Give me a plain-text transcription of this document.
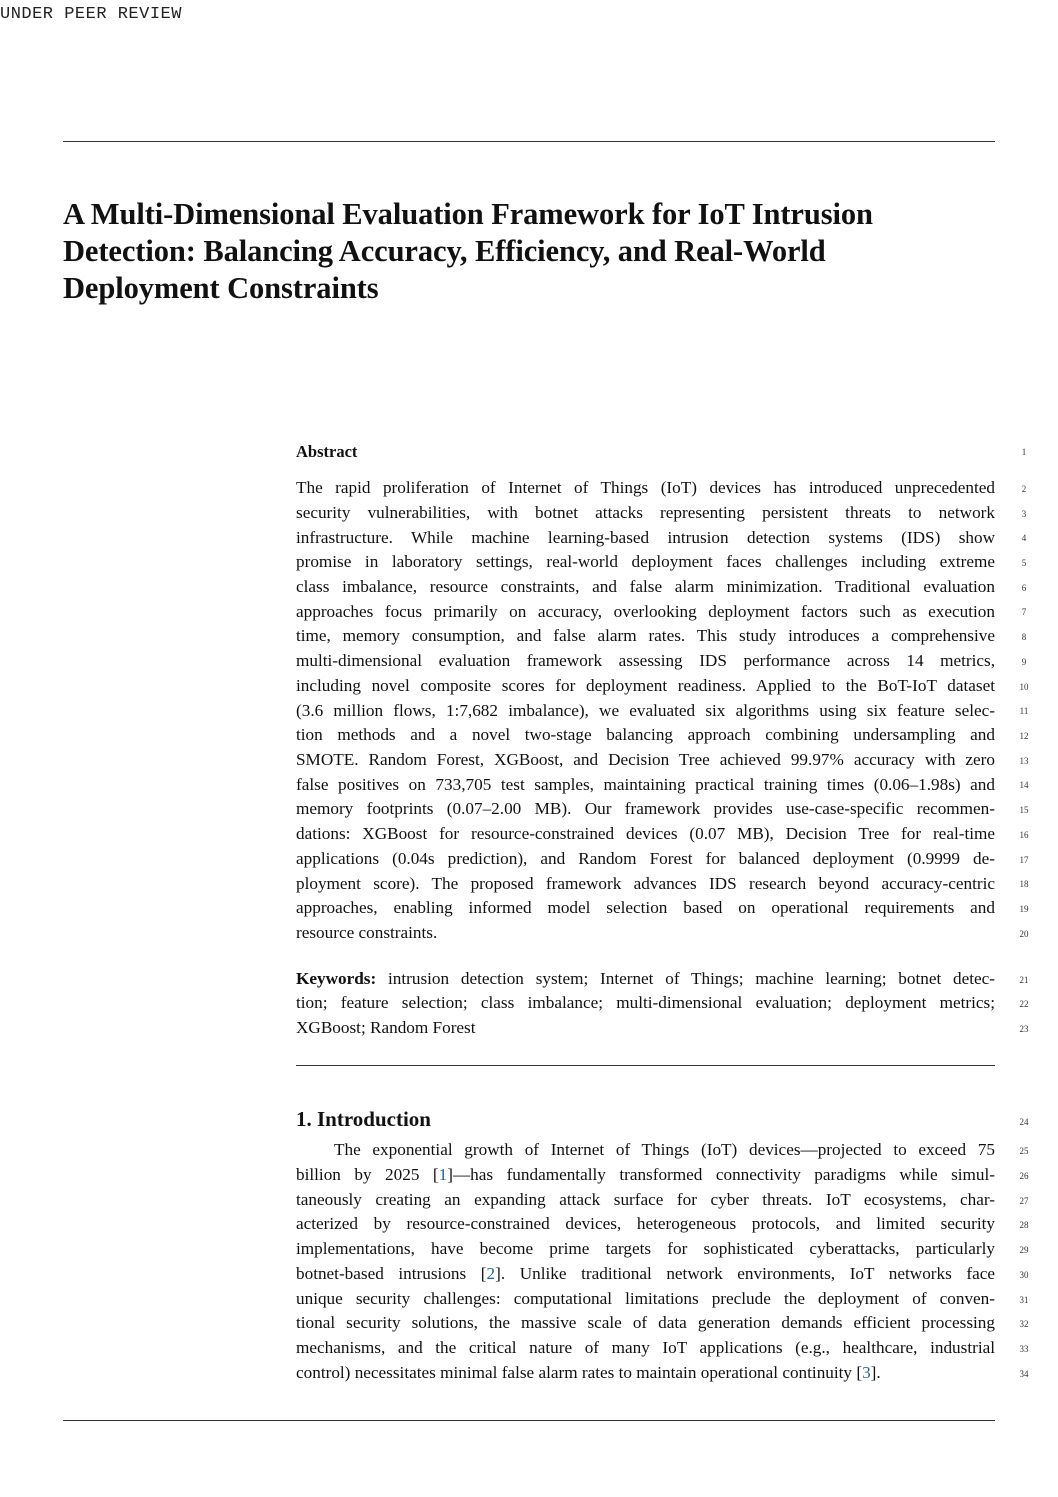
UNDER PEER REVIEW
A Multi-Dimensional Evaluation Framework for IoT Intrusion
Detection: Balancing Accuracy, Efficiency, and Real-World
Deployment Constraints
Abstract
The rapid proliferation of Internet of Things (IoT) devices has introduced unprecedented
security vulnerabilities, with botnet attacks representing persistent threats to network
infrastructure. While machine learning-based intrusion detection systems (IDS) show
promise in laboratory settings, real-world deployment faces challenges including extreme
class imbalance, resource constraints, and false alarm minimization. Traditional evaluation
approaches focus primarily on accuracy, overlooking deployment factors such as execution
time, memory consumption, and false alarm rates. This study introduces a comprehensive
multi-dimensional evaluation framework assessing IDS performance across 14 metrics,
including novel composite scores for deployment readiness. Applied to the BoT-IoT dataset
(3.6 million flows, 1:7,682 imbalance), we evaluated six algorithms using six feature selec-
tion methods and a novel two-stage balancing approach combining undersampling and
SMOTE. Random Forest, XGBoost, and Decision Tree achieved 99.97% accuracy with zero
false positives on 733,705 test samples, maintaining practical training times (0.06–1.98s) and
memory footprints (0.07–2.00 MB). Our framework provides use-case-specific recommen-
dations: XGBoost for resource-constrained devices (0.07 MB), Decision Tree for real-time
applications (0.04s prediction), and Random Forest for balanced deployment (0.9999 de-
ployment score). The proposed framework advances IDS research beyond accuracy-centric
approaches, enabling informed model selection based on operational requirements and
resource constraints.
Keywords: intrusion detection system; Internet of Things; machine learning; botnet detec-
tion; feature selection; class imbalance; multi-dimensional evaluation; deployment metrics;
XGBoost; Random Forest
1. Introduction
The exponential growth of Internet of Things (IoT) devices—projected to exceed 75
billion by 2025 [1]—has fundamentally transformed connectivity paradigms while simul-
taneously creating an expanding attack surface for cyber threats. IoT ecosystems, char-
acterized by resource-constrained devices, heterogeneous protocols, and limited security
implementations, have become prime targets for sophisticated cyberattacks, particularly
botnet-based intrusions [2]. Unlike traditional network environments, IoT networks face
unique security challenges: computational limitations preclude the deployment of conven-
tional security solutions, the massive scale of data generation demands efficient processing
mechanisms, and the critical nature of many IoT applications (e.g., healthcare, industrial
control) necessitates minimal false alarm rates to maintain operational continuity [3].
1
2
3
4
5
6
7
8
9
10
11
12
13
14
15
16
17
18
19
20
21
22
23
24
25
26
27
28
29
30
31
32
33
34
